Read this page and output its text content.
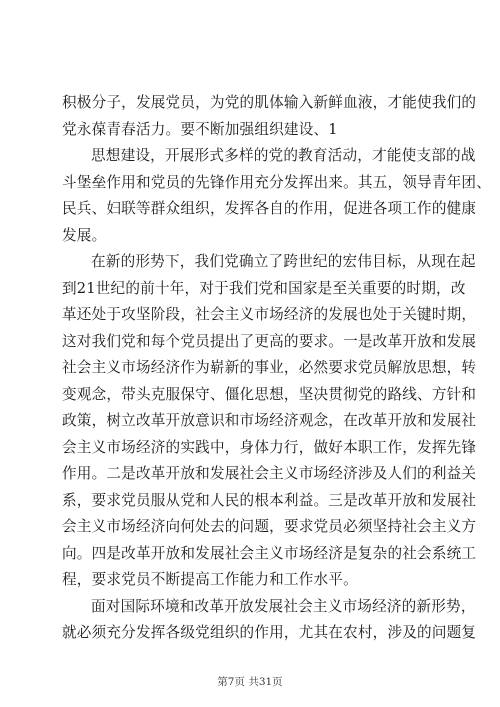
积极分子，发展党员，为党的肌体输入新鲜血液，才能使我们的
党永葆青春活力。要不断加强组织建设、1
思想建设，开展形式多样的党的教育活动，才能使支部的战
斗堡垒作用和党员的先锋作用充分发挥出来。其五，领导青年团、
民兵、妇联等群众组织，发挥各自的作用，促进各项工作的健康
发展。
在新的形势下，我们党确立了跨世纪的宏伟目标，从现在起
到21世纪的前十年，对于我们党和国家是至关重要的时期，改
革还处于攻坚阶段，社会主义市场经济的发展也处于关键时期，
这对我们党和每个党员提出了更高的要求。一是改革开放和发展
社会主义市场经济作为崭新的事业，必然要求党员解放思想，转
变观念，带头克服保守、僵化思想，坚决贯彻党的路线、方针和
政策，树立改革开放意识和市场经济观念，在改革开放和发展社
会主义市场经济的实践中，身体力行，做好本职工作，发挥先锋
作用。二是改革开放和发展社会主义市场经济涉及人们的利益关
系，要求党员服从党和人民的根本利益。三是改革开放和发展社
会主义市场经济向何处去的问题，要求党员必须坚持社会主义方
向。四是改革开放和发展社会主义市场经济是复杂的社会系统工
程，要求党员不断提高工作能力和工作水平。
面对国际环境和改革开放发展社会主义市场经济的新形势，
就必须充分发挥各级党组织的作用，尤其在农村，涉及的问题复
第7页 共31页
